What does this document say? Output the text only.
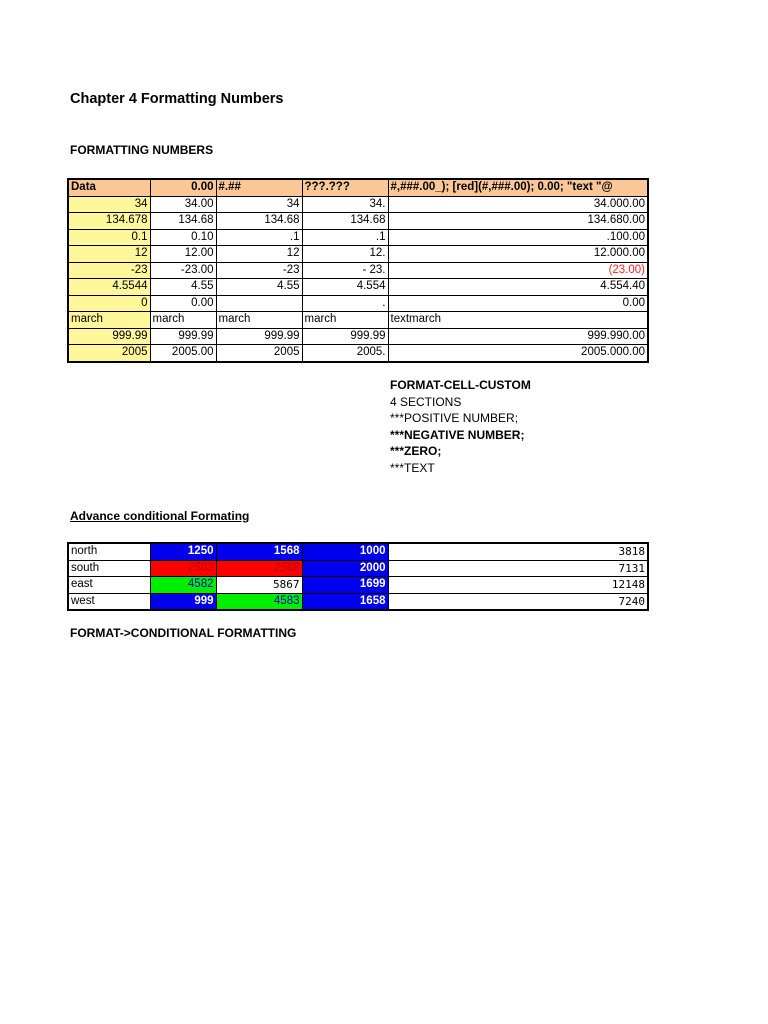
Chapter 4 Formatting Numbers
FORMATTING NUMBERS
Data	0.00	#.##	???.???	#,###.00_); [red](#,###.00); 0.00; "text "@
34	34.00	34	34.	34.000.00
134.678	134.68	134.68	134.68	134.680.00
0.1	0.10	.1	.1	.100.00
12	12.00	12	12.	12.000.00
-23	-23.00	-23	- 23.	(23.00)
4.5544	4.55	4.55	4.554	4.554.40
0	0.00		.	0.00
march	march	march	march	textmarch
999.99	999.99	999.99	999.99	999.990.00
2005	2005.00	2005	2005.	2005.000.00
FORMAT-CELL-CUSTOM
4 SECTIONS
***POSITIVE NUMBER;
***NEGATIVE NUMBER;
***ZERO;
***TEXT
Advance conditional Formating
north	1250	1568	1000	3818
south	2563	2568	2000	7131
east	4582	5867	1699	12148
west	999	4583	1658	7240
FORMAT->CONDITIONAL FORMATTING
